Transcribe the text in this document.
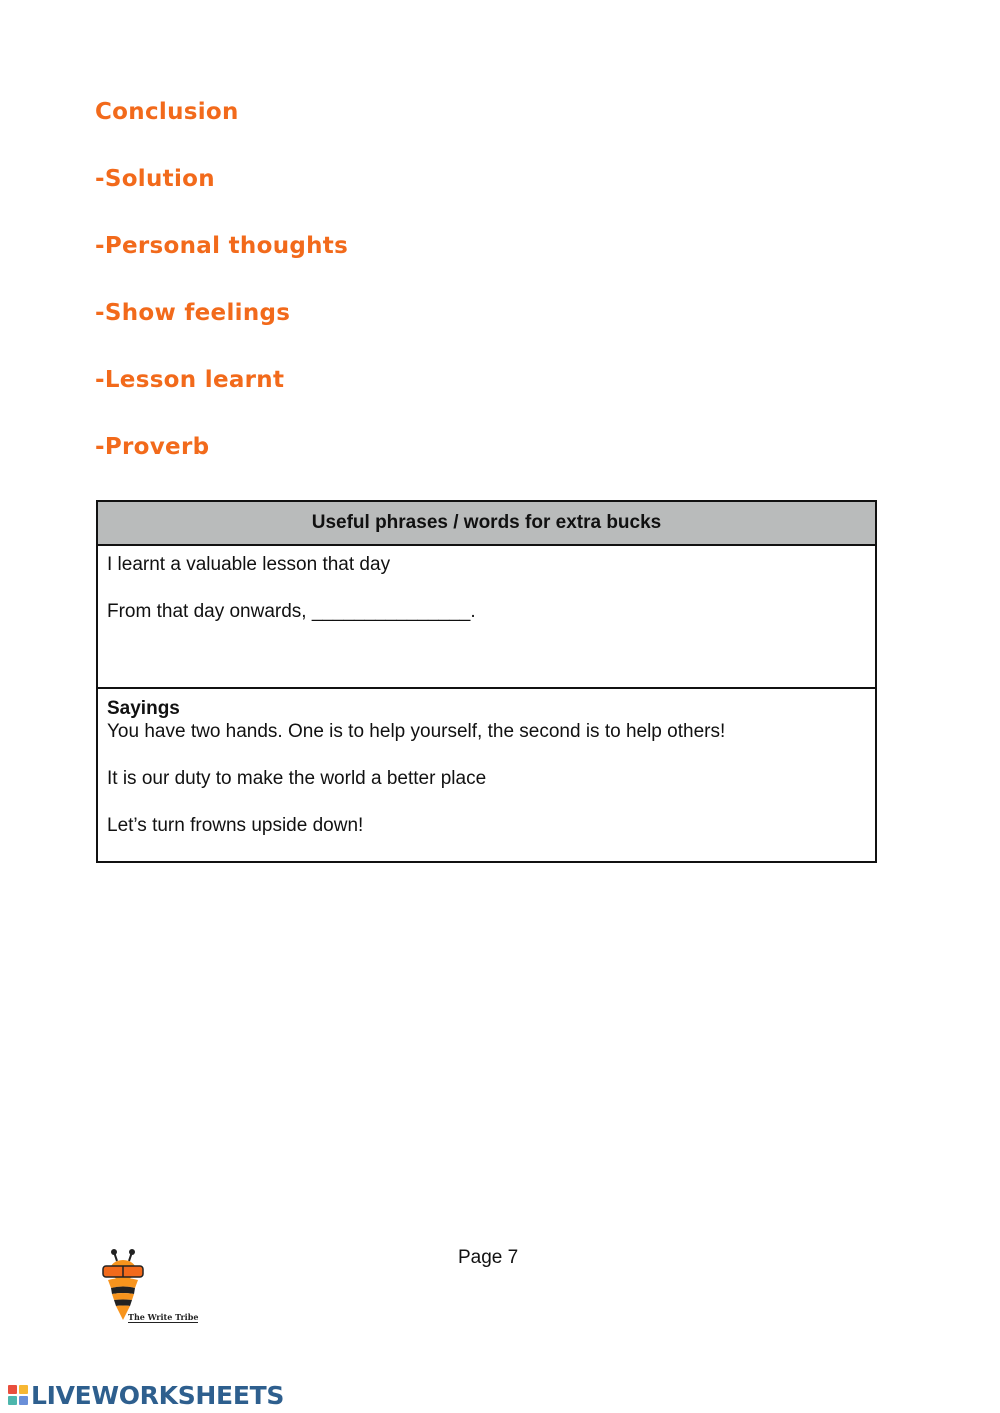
Conclusion
-Solution
-Personal thoughts
-Show feelings
-Lesson learnt
-Proverb
Useful phrases / words for extra bucks

I learnt a valuable lesson that day

From that day onwards, _______________.

Sayings

You have two hands. One is to help yourself, the second is to help others!

It is our duty to make the world a better place

Let’s turn frowns upside down!

Page 7
The Write Tribe
LIVEWORKSHEETS
